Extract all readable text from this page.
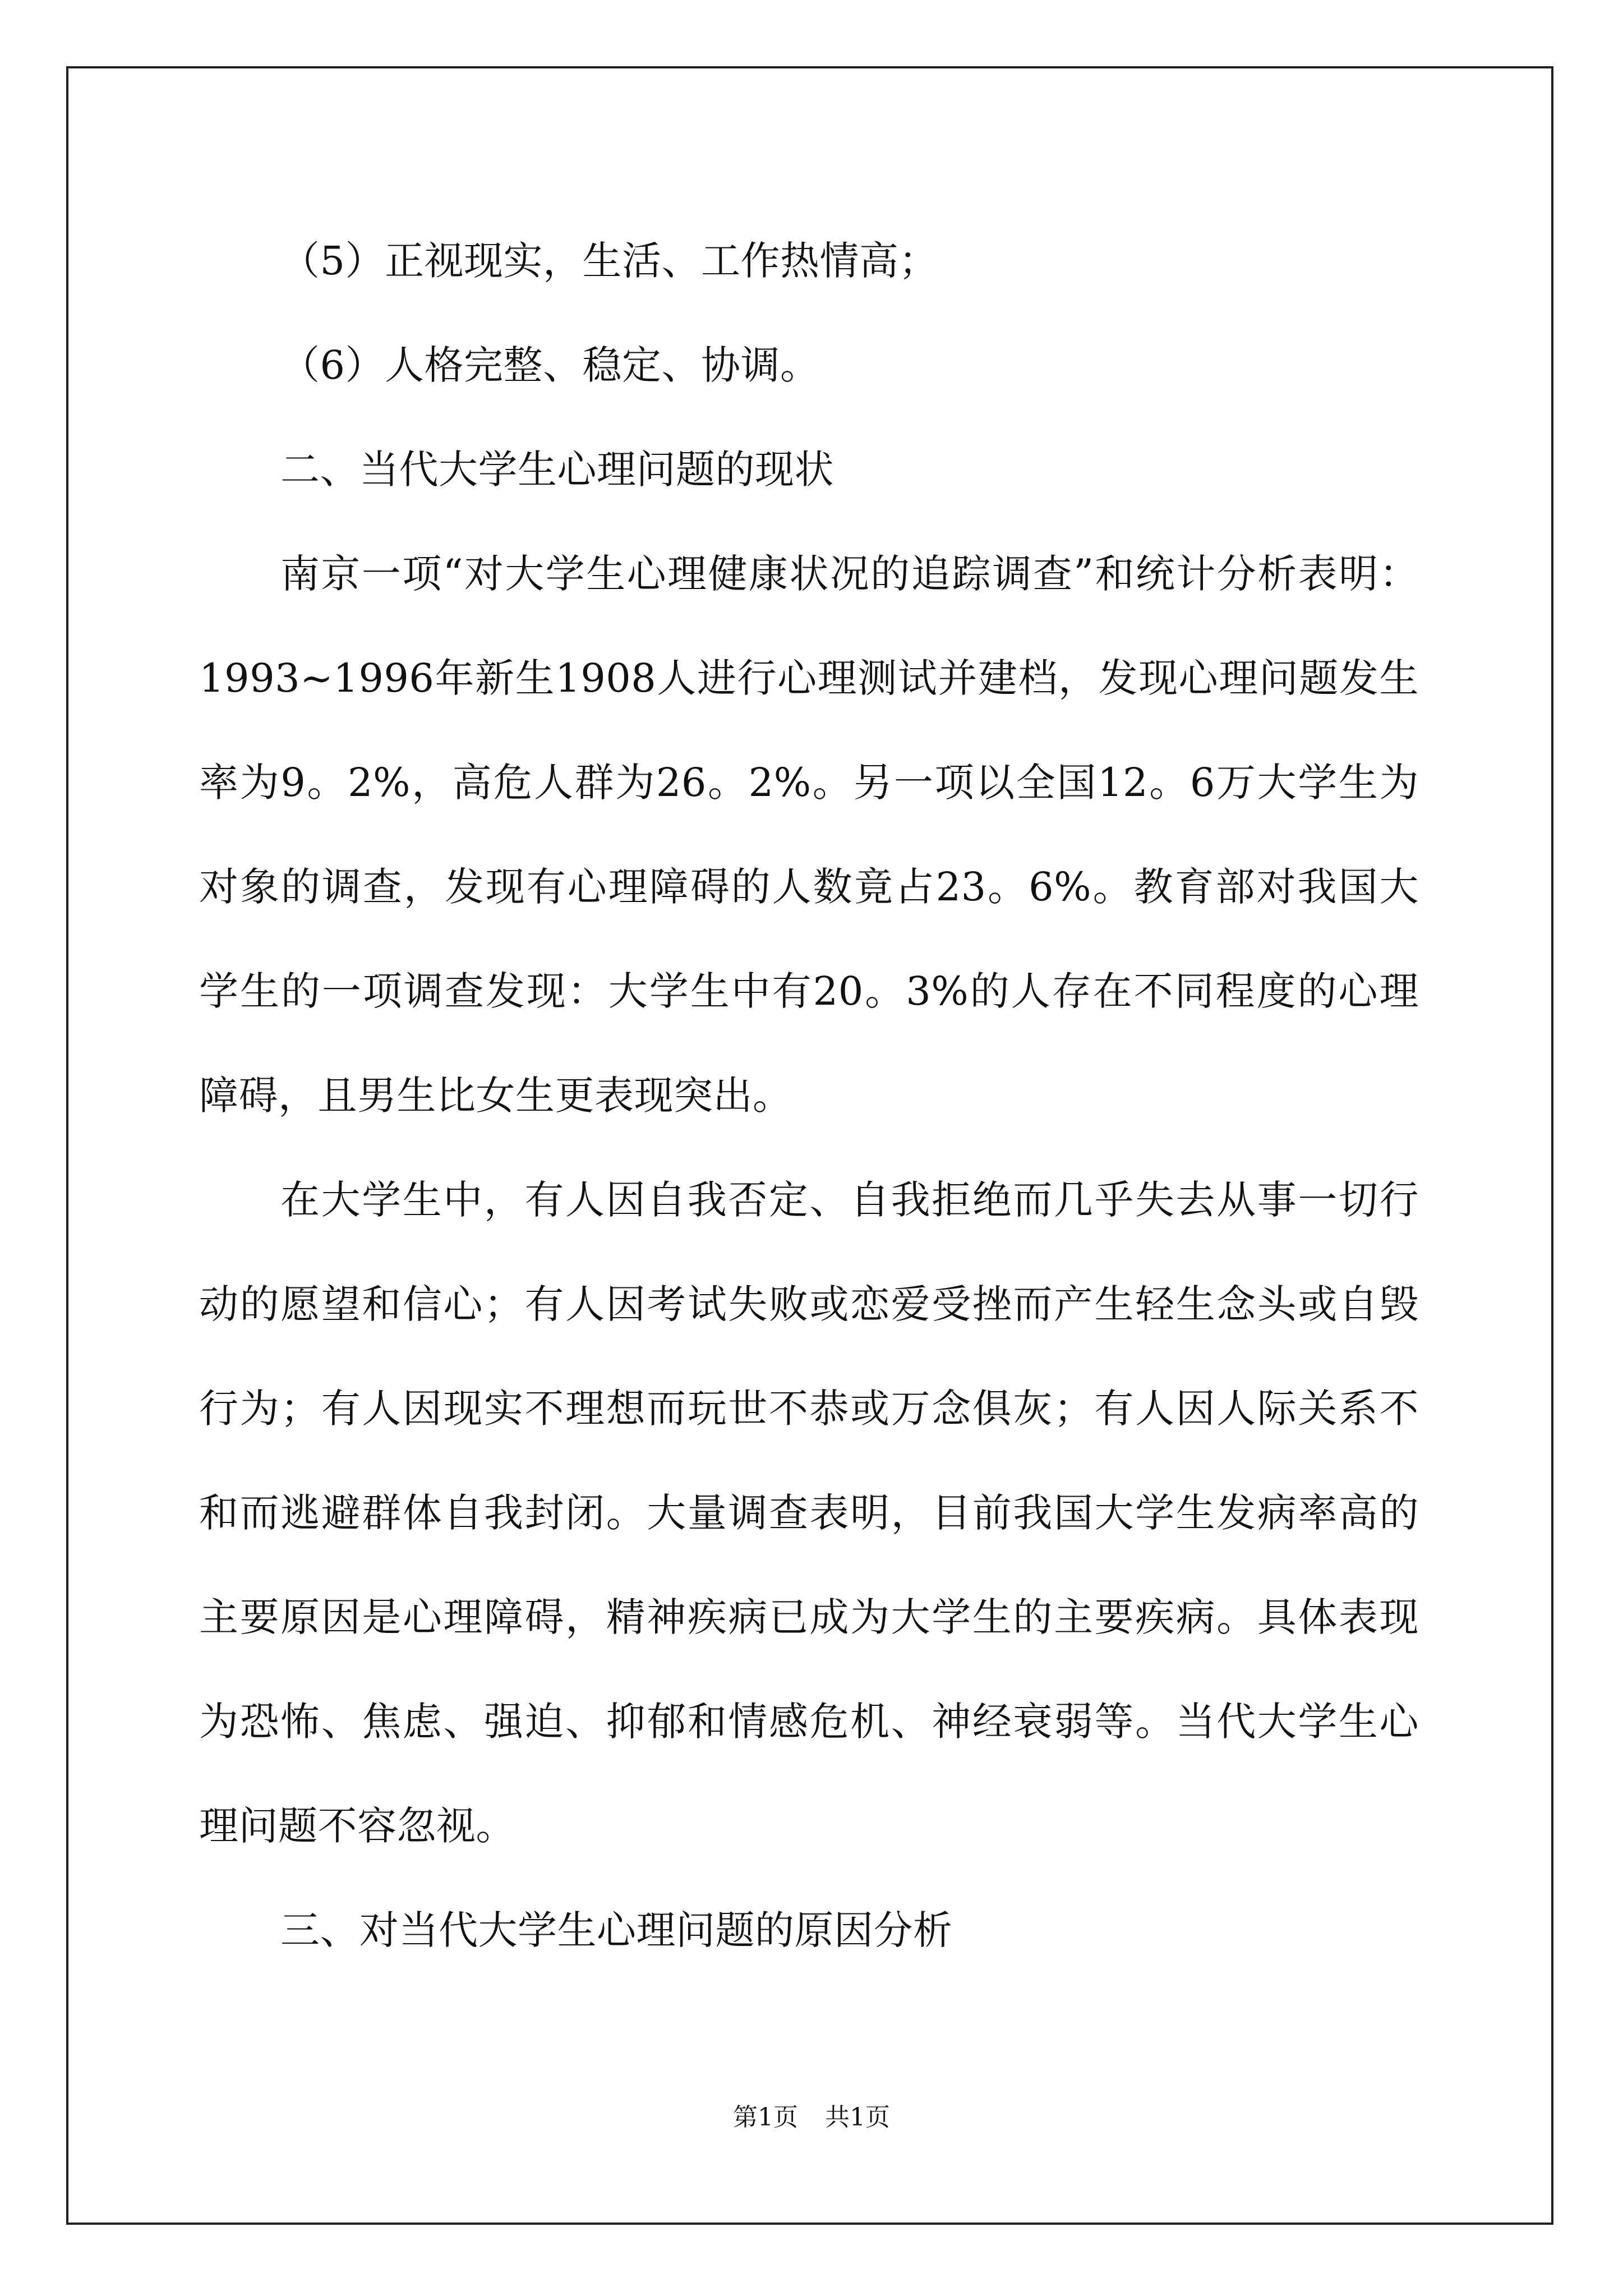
（5）正视现实，生活、工作热情高；

（6）人格完整、稳定、协调。

二、当代大学生心理问题的现状

南京一项“对大学生心理健康状况的追踪调查”和统计分析表明：1993~1996年新生1908人进行心理测试并建档，发现心理问题发生率为9。2%，高危人群为26。2%。另一项以全国12。6万大学生为对象的调查，发现有心理障碍的人数竟占23。6%。教育部对我国大学生的一项调查发现：大学生中有20。3%的人存在不同程度的心理障碍，且男生比女生更表现突出。

在大学生中，有人因自我否定、自我拒绝而几乎失去从事一切行动的愿望和信心；有人因考试失败或恋爱受挫而产生轻生念头或自毁行为；有人因现实不理想而玩世不恭或万念俱灰；有人因人际关系不和而逃避群体自我封闭。大量调查表明，目前我国大学生发病率高的主要原因是心理障碍，精神疾病已成为大学生的主要疾病。具体表现为恐怖、焦虑、强迫、抑郁和情感危机、神经衰弱等。当代大学生心理问题不容忽视。

三、对当代大学生心理问题的原因分析

第1页 共1页
